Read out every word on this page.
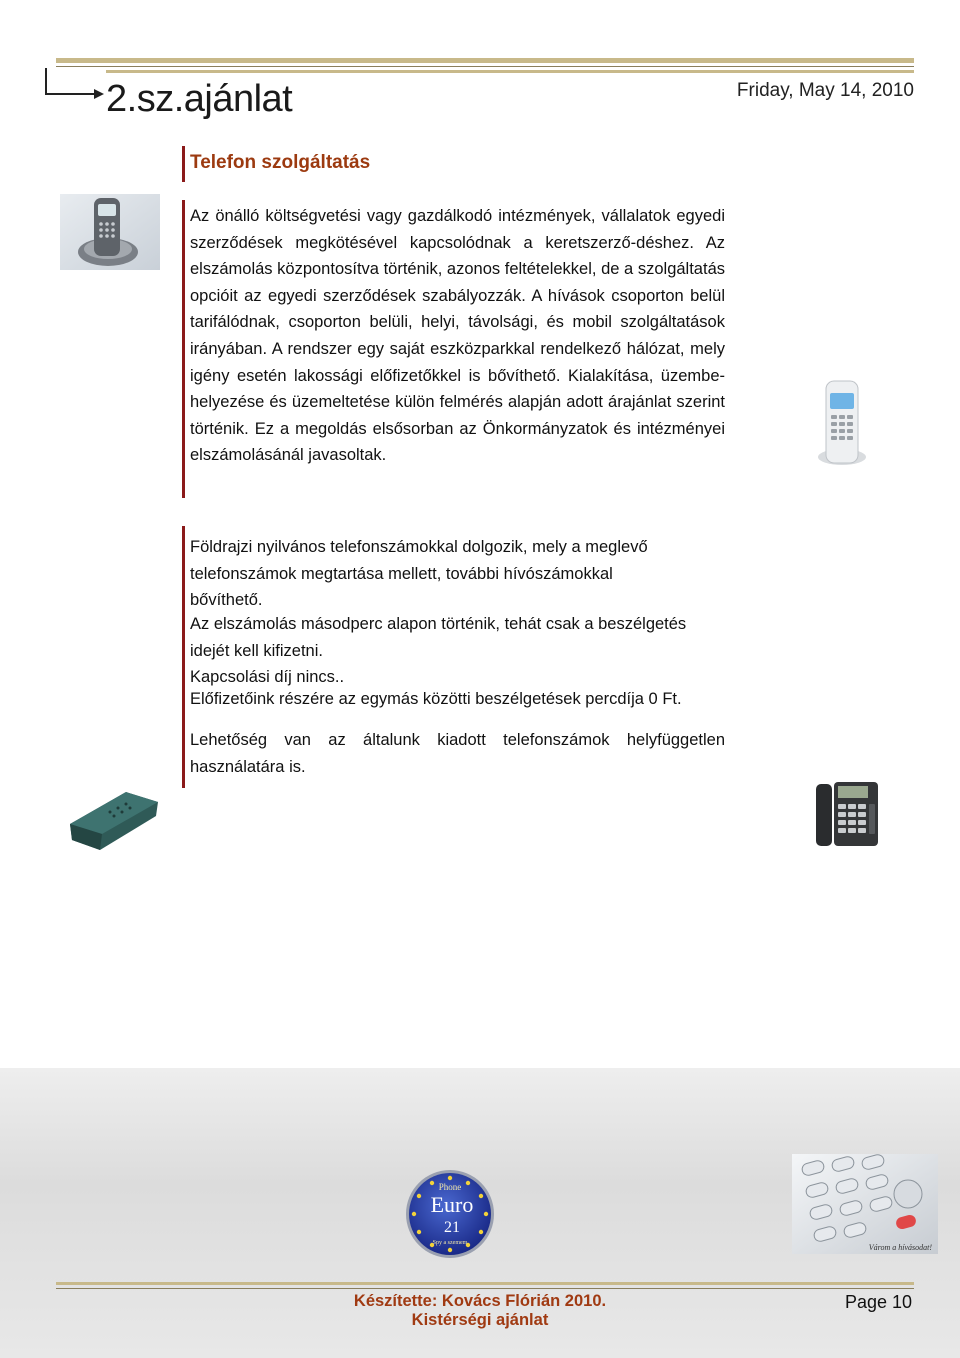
2.sz.ajánlat	Friday, May 14, 2010
Telefon szolgáltatás
Az önálló költségvetési vagy gazdálkodó intézmények, vállalatok egyedi szerződések megkötésével kapcsolódnak a keretszerző-déshez. Az elszámolás központosítva történik, azonos feltételekkel, de a szolgáltatás opcióit az egyedi szerződések szabályozzák. A hívások csoporton belül tarifálódnak, csoporton belüli, helyi, távolsági, és mobil szolgáltatások irányában. A rendszer egy saját eszközparkkal rendelkező hálózat, mely igény esetén lakossági előfizetőkkel is bővíthető. Kialakítása, üzembe-helyezése és üzemeltetése külön felmérés alapján adott árajánlat szerint történik. Ez a megoldás elsősorban az Önkormányzatok és intézményei elszámolásánál javasoltak.
Földrajzi nyilvános telefonszámokkal dolgozik, mely a meglevő
telefonszámok megtartása mellett, további hívószámokkal
bővíthető.
Az elszámolás másodperc alapon történik, tehát csak a beszélgetés
idejét kell kifizetni.
Kapcsolási díj nincs..
Előfizetőink részére az egymás közötti beszélgetések percdíja 0 Ft.
Lehetőség van az általunk kiadott telefonszámok helyfüggetlen használatára is.
Phone
Euro
21
Spy a szemem	Várom a hívásodat!
Készítette: Kovács Flórián 2010.
Kistérségi ajánlat
Page 10
